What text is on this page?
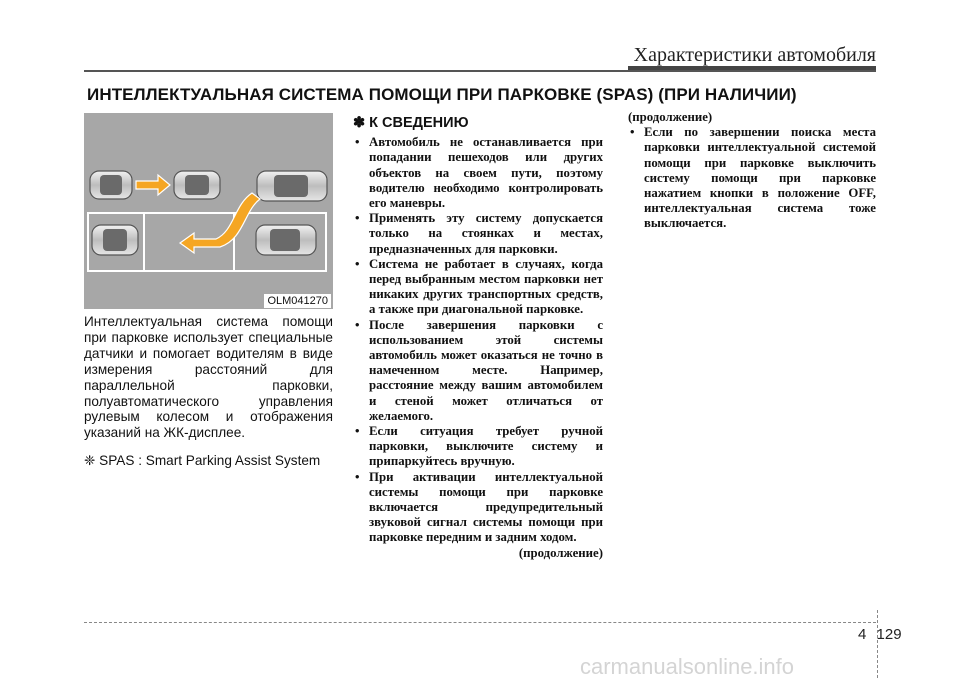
Характеристики автомобиля
ИНТЕЛЛЕКТУАЛЬНАЯ СИСТЕМА ПОМОЩИ ПРИ ПАРКОВКЕ (SPAS) (ПРИ НАЛИЧИИ)
OLM041270

Интеллектуальная система помощи при парковке использует специальные датчики и помогает водителям в виде измерения расстояний для параллельной парковки, полуавтоматического управления рулевым колесом и отображения указаний на ЖК-дисплее.

❈ SPAS : Smart Parking Assist System

✽ К СВЕДЕНИЮ
• Автомобиль не останавливается при попадании пешеходов или других объектов на своем пути, поэтому водителю необходимо контролировать его маневры.
• Применять эту систему допускается только на стоянках и местах, предназначенных для парковки.
• Система не работает в случаях, когда перед выбранным местом парковки нет никаких других транспортных средств, а также при диагональной парковке.
• После завершения парковки с использованием этой системы автомобиль может оказаться не точно в намеченном месте. Например, расстояние между вашим автомобилем и стеной может отличаться от желаемого.
• Если ситуация требует ручной парковки, выключите систему и припаркуйтесь вручную.
• При активации интеллектуальной системы помощи при парковке включается предупредительный звуковой сигнал системы помощи при парковке передним и задним ходом.
(продолжение)
(продолжение)
• Если по завершении поиска места парковки интеллектуальной системой помощи при парковке выключить систему помощи при парковке нажатием кнопки в положение OFF, интеллектуальная система тоже выключается.
4 129
carmanualsonline.info
